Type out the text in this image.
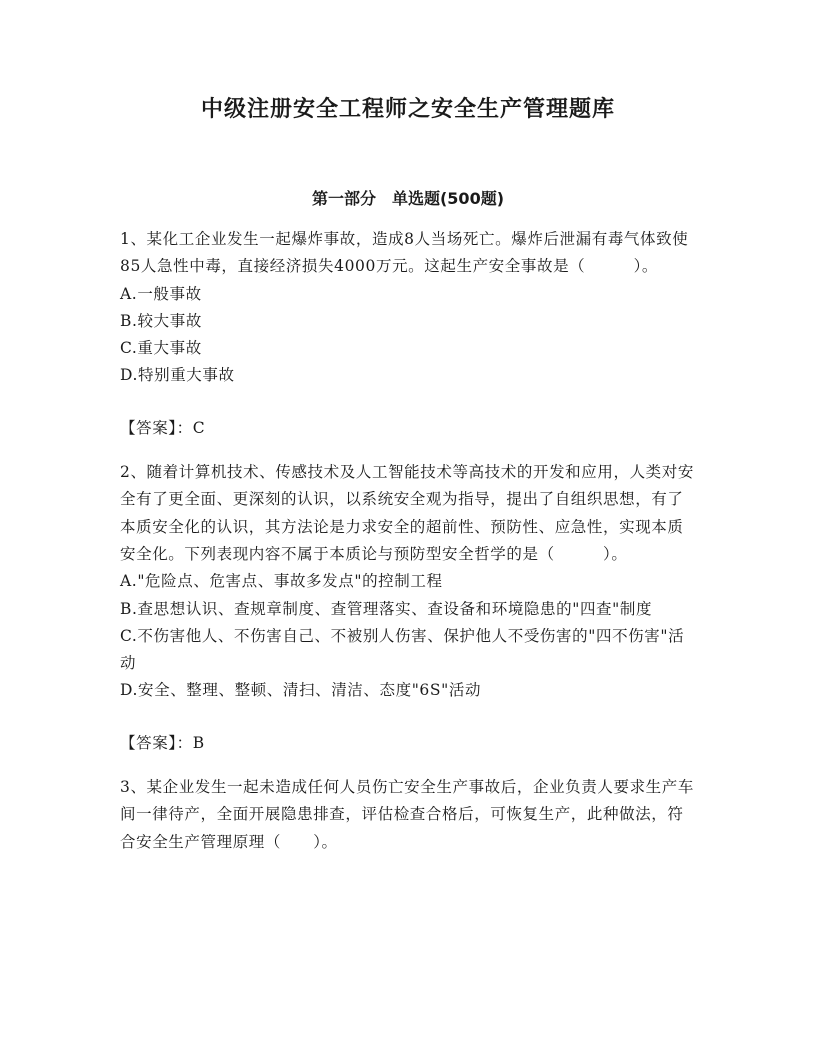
中级注册安全工程师之安全生产管理题库
第一部分　单选题(500题)

1、某化工企业发生一起爆炸事故，造成8人当场死亡。爆炸后泄漏有毒气体致使85人急性中毒，直接经济损失4000万元。这起生产安全事故是（　　　）。

A.一般事故
B.较大事故
C.重大事故
D.特别重大事故

【答案】：C

2、随着计算机技术、传感技术及人工智能技术等高技术的开发和应用，人类对安全有了更全面、更深刻的认识，以系统安全观为指导，提出了自组织思想，有了本质安全化的认识，其方法论是力求安全的超前性、预防性、应急性，实现本质安全化。下列表现内容不属于本质论与预防型安全哲学的是（　　　）。

A."危险点、危害点、事故多发点"的控制工程
B.查思想认识、查规章制度、查管理落实、查设备和环境隐患的"四查"制度
C.不伤害他人、不伤害自己、不被别人伤害、保护他人不受伤害的"四不伤害"活动
D.安全、整理、整顿、清扫、清洁、态度"6S"活动

【答案】：B

3、某企业发生一起未造成任何人员伤亡安全生产事故后，企业负责人要求生产车间一律待产，全面开展隐患排查，评估检查合格后，可恢复生产，此种做法，符合安全生产管理原理（　　）。
